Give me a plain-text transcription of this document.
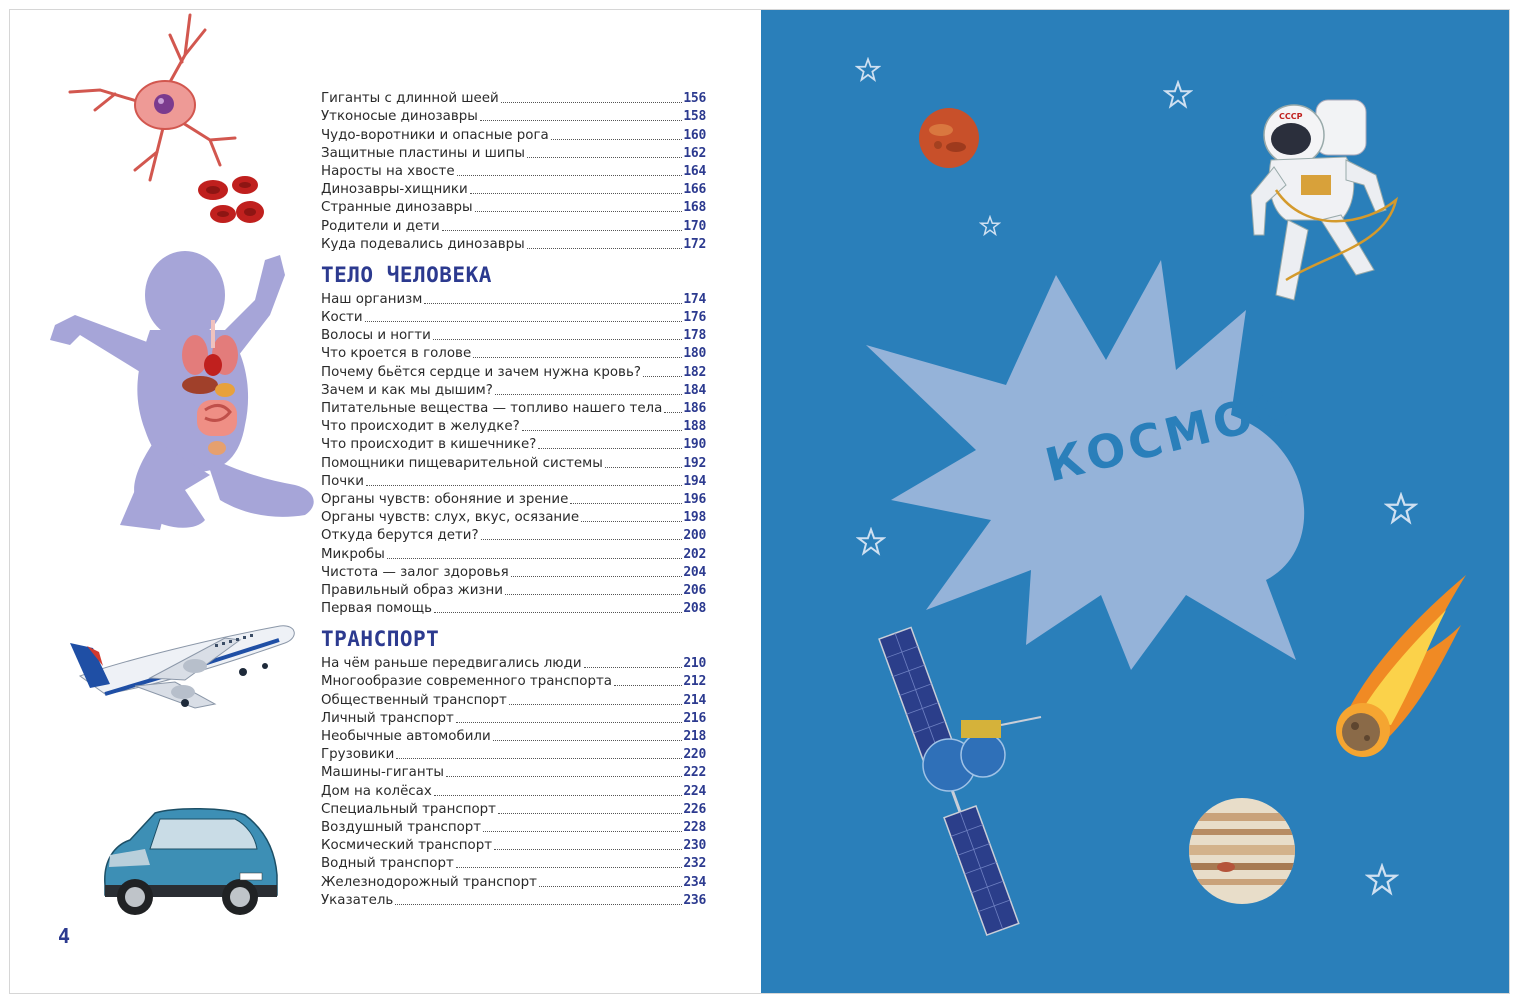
Гиганты с длинной шеей	156
Утконосые динозавры	158
Чудо-воротники и опасные рога	160
Защитные пластины и шипы	162
Наросты на хвосте	164
Динозавры-хищники	166
Странные динозавры	168
Родители и дети	170
Куда подевались динозавры	172
ТЕЛО ЧЕЛОВЕКА
Наш организм	174
Кости	176
Волосы и ногти	178
Что кроется в голове	180
Почему бьётся сердце и зачем нужна кровь?	182
Зачем и как мы дышим?	184
Питательные вещества — топливо нашего тела 186
Что происходит в желудке?	188
Что происходит в кишечнике?	190
Помощники пищеварительной системы	192
Почки	194
Органы чувств: обоняние и зрение	196
Органы чувств: слух, вкус, осязание	198
Откуда берутся дети?	200
Микробы	202
Чистота — залог здоровья	204
Правильный образ жизни	206
Первая помощь	208
ТРАНСПОРТ
На чём раньше передвигались люди	210
Многообразие современного транспорта	212
Общественный транспорт	214
Личный транспорт	216
Необычные автомобили	218
Грузовики	220
Машины-гиганты	222
Дом на колёсах	224
Специальный транспорт	226
Воздушный транспорт	228
Космический транспорт	230
Водный транспорт	232
Железнодорожный транспорт	234
Указатель	236
4
СССР
КОСМОС
